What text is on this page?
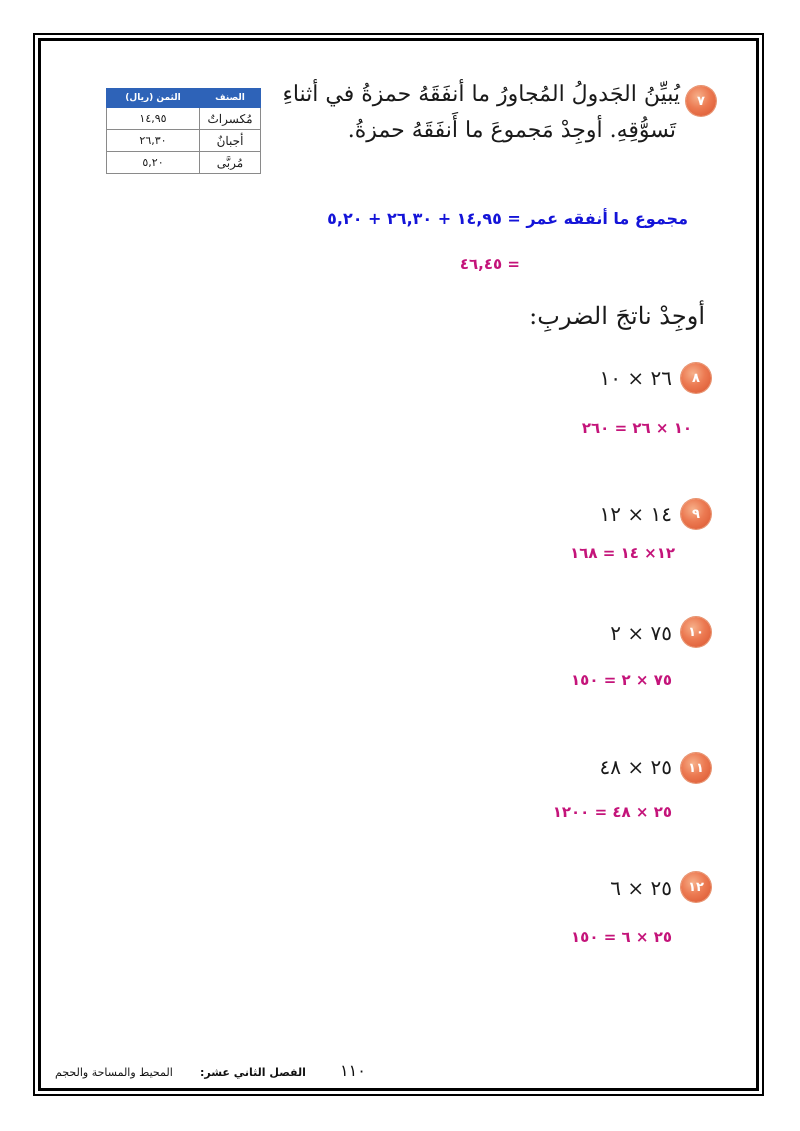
٧
يُبيِّنُ الجَدولُ المُجاورُ ما أنفَقَهُ حمزةُ في أثناءِ
تَسوُّقِهِ. أوجِدْ مَجموعَ ما أَنفَقَهُ حمزةُ.
الصنف	الثمن (ريال)
مُكسراتٌ	١٤,٩٥
أجبانٌ	٢٦,٣٠
مُربَّى	٥,٢٠
مجموع ما أنفقه عمر = ١٤,٩٥ + ٢٦,٣٠ + ٥,٢٠
= ٤٦,٤٥
أوجِدْ ناتجَ الضربِ:
٨
٢٦ × ١٠
١٠ × ٢٦ = ٢٦٠
٩
١٤ × ١٢
١٢× ١٤ = ١٦٨
١٠
٧٥ × ٢
٧٥ × ٢ = ١٥٠
١١
٢٥ × ٤٨
٢٥ × ٤٨ = ١٢٠٠
١٢
٢٥ × ٦
٢٥ × ٦ = ١٥٠
١١٠
الفصل الثاني عشر:
المحيط والمساحة والحجم
